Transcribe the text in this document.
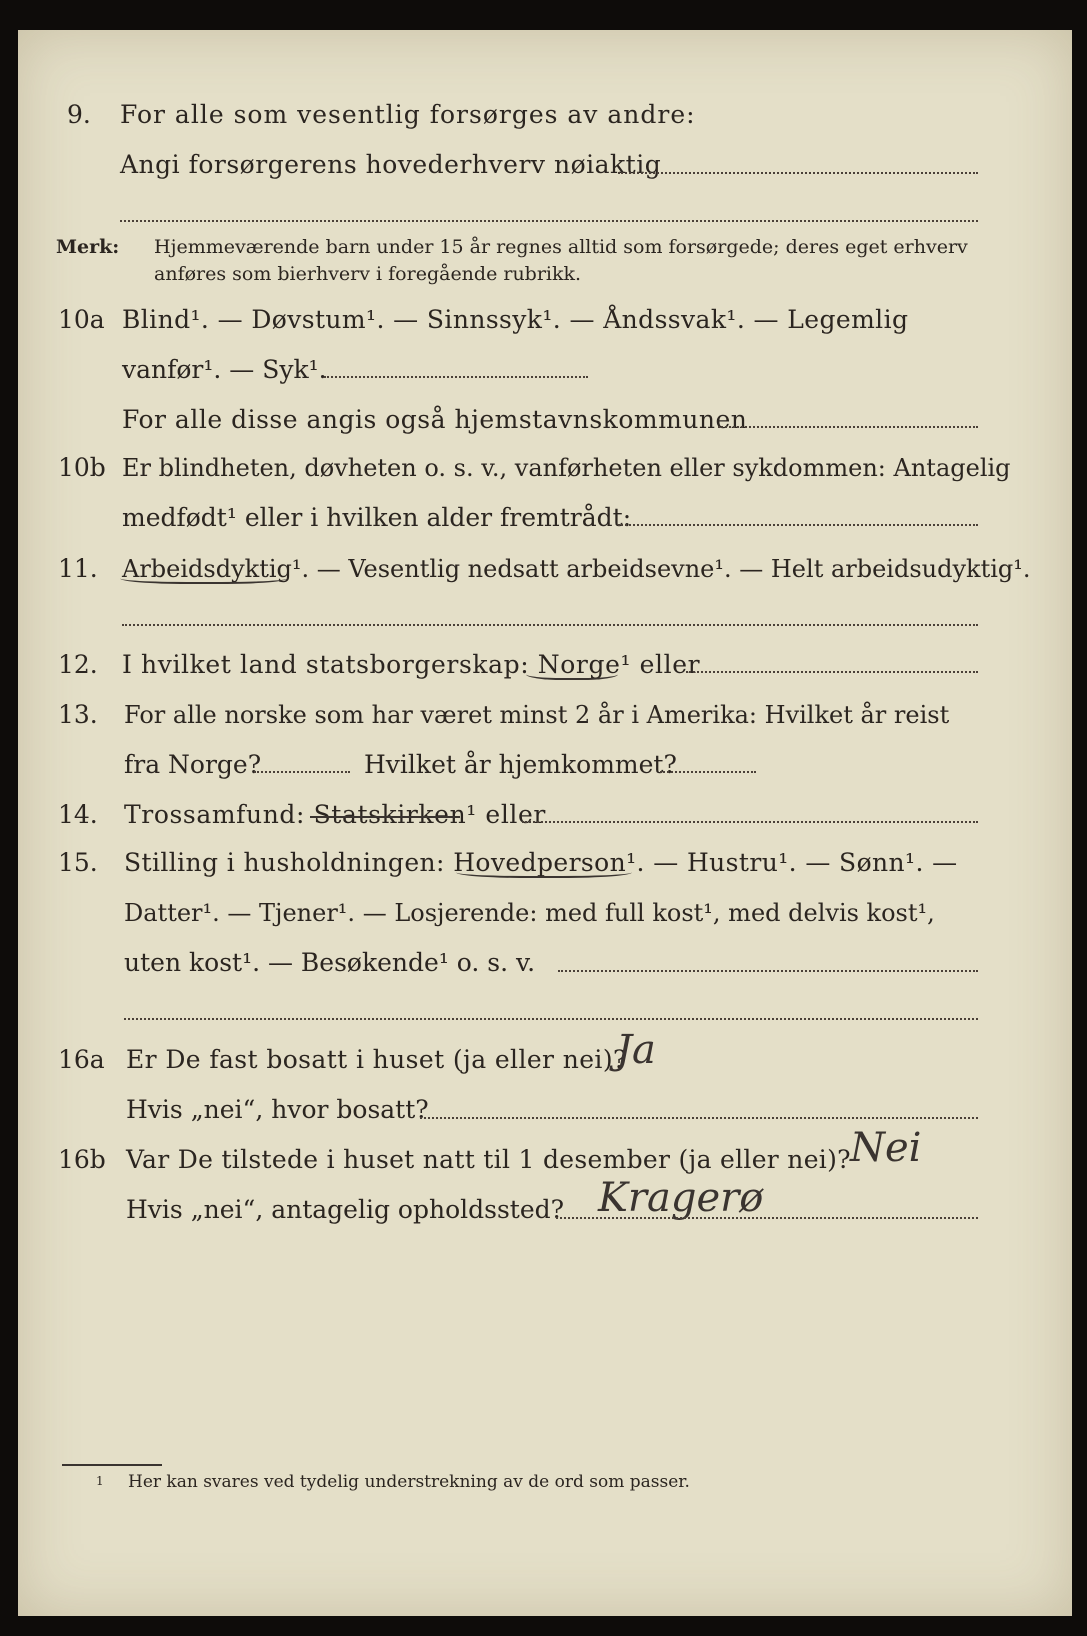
9. For alle som vesentlig forsørges av andre:
Angi forsørgerens hovederhverv nøiaktig
Merk: Hjemmeværende barn under 15 år regnes alltid som forsørgede; deres eget erhverv
anføres som bierhverv i foregående rubrikk.
10a Blind¹. — Døvstum¹. — Sinnssyk¹. — Åndssvak¹. — Legemlig
vanfør¹. — Syk¹.
For alle disse angis også hjemstavnskommunen
10b Er blindheten, døvheten o. s. v., vanførheten eller sykdommen: Antagelig
medfødt¹ eller i hvilken alder fremtrådt:
11. Arbeidsdyktig¹. — Vesentlig nedsatt arbeidsevne¹. — Helt arbeidsudyktig¹.
12. I hvilket land statsborgerskap: Norge¹ eller
13. For alle norske som har været minst 2 år i Amerika: Hvilket år reist
fra Norge?	Hvilket år hjemkommet?
14. Trossamfund: Statskirken¹ eller
15. Stilling i husholdningen: Hovedperson¹. — Hustru¹. — Sønn¹. —
Datter¹. — Tjener¹. — Losjerende: med full kost¹, med delvis kost¹,
uten kost¹. — Besøkende¹ o. s. v.
16a Er De fast bosatt i huset (ja eller nei)?
Ja
Hvis „nei“, hvor bosatt?
16b Var De tilstede i huset natt til 1 desember (ja eller nei)? Nei
Hvis „nei“, antagelig opholdssted? Kragerø
1 Her kan svares ved tydelig understrekning av de ord som passer.
